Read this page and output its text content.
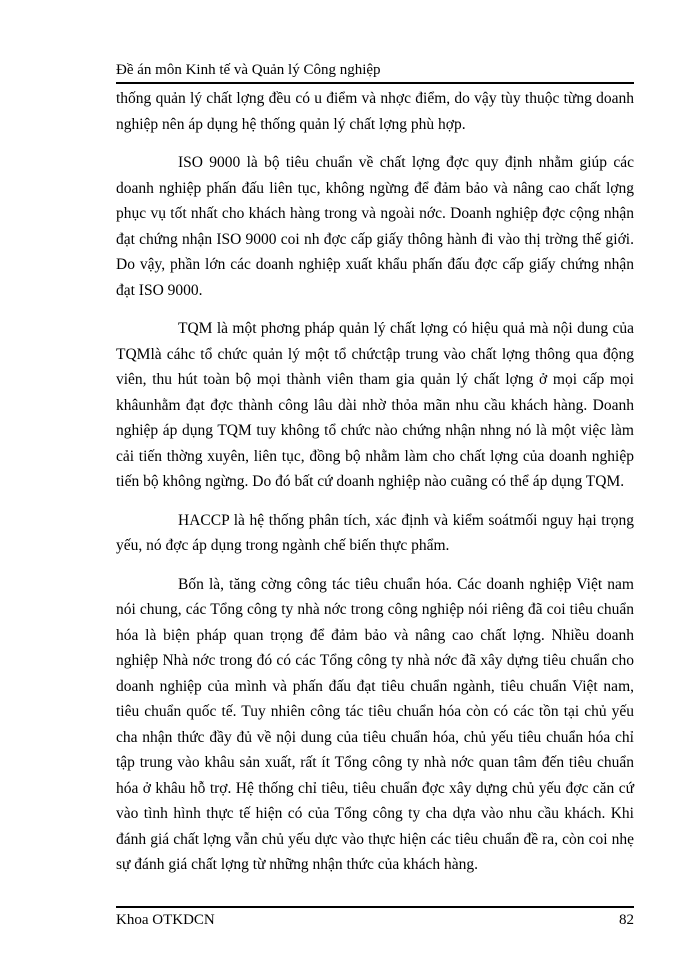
Đề án môn Kinh tế và Quản lý Công nghiệp

thống quản lý chất lợng đều có u điểm và nhợc điểm, do vậy tùy thuộc từng doanh nghiệp nên áp dụng hệ thống quản lý chất lợng phù hợp.

ISO 9000 là bộ tiêu chuẩn về chất lợng đợc quy định nhằm giúp các doanh nghiệp phấn đấu liên tục, không ngừng để đảm bảo và nâng cao chất lợng phục vụ tốt nhất cho khách hàng trong và ngoài nớc. Doanh nghiệp đợc cộng nhận đạt chứng nhận ISO 9000 coi nh đợc cấp giấy thông hành đi vào thị trờng thế giới. Do vậy, phần lớn các doanh nghiệp xuất khẩu phấn đấu đợc cấp giấy chứng nhận đạt ISO 9000.

TQM là một phơng pháp quản lý chất lợng có hiệu quả mà nội dung của TQMlà cáhc tổ chức quản lý một tổ chứctập trung vào chất lợng thông qua động viên, thu hút toàn bộ mọi thành viên tham gia quản lý chất lợng ở mọi cấp mọi khâunhằm đạt đợc thành công lâu dài nhờ thỏa mãn nhu cầu khách hàng. Doanh nghiệp áp dụng TQM tuy không tổ chức nào chứng nhận nhng nó là một việc làm cải tiến thờng xuyên, liên tục, đồng bộ nhằm làm cho chất lợng của doanh nghiệp tiến bộ không ngừng. Do đó bất cứ doanh nghiệp nào cuãng có thể áp dụng TQM.

HACCP là hệ thống phân tích, xác định và kiểm soátmối nguy hại trọng yếu, nó đợc áp dụng trong ngành chế biến thực phẩm.

Bốn là, tăng cờng công tác tiêu chuẩn hóa. Các doanh nghiệp Việt nam nói chung, các Tổng công ty nhà nớc trong công nghiệp nói riêng đã coi tiêu chuẩn hóa là biện pháp quan trọng để đảm bảo và nâng cao chất lợng. Nhiều doanh nghiệp Nhà nớc trong đó có các Tổng công ty nhà nớc đã xây dựng tiêu chuẩn cho doanh nghiệp của mình và phấn đấu đạt tiêu chuẩn ngành, tiêu chuẩn Việt nam, tiêu chuẩn quốc tế. Tuy nhiên công tác tiêu chuẩn hóa còn có các tồn tại chủ yếu cha nhận thức đầy đủ về nội dung của tiêu chuẩn hóa, chủ yếu tiêu chuẩn hóa chỉ tập trung vào khâu sản xuất, rất ít Tổng công ty nhà nớc quan tâm đến tiêu chuẩn hóa ở khâu hỗ trợ. Hệ thống chỉ tiêu, tiêu chuẩn đợc xây dựng chủ yếu đợc căn cứ vào tình hình thực tế hiện có của Tổng công ty cha dựa vào nhu cầu khách. Khi đánh giá chất lợng vẫn chủ yếu dực vào thực hiện các tiêu chuẩn đề ra, còn coi nhẹ sự đánh giá chất lợng từ những nhận thức của khách hàng.

Khoa OTKDCN	82
